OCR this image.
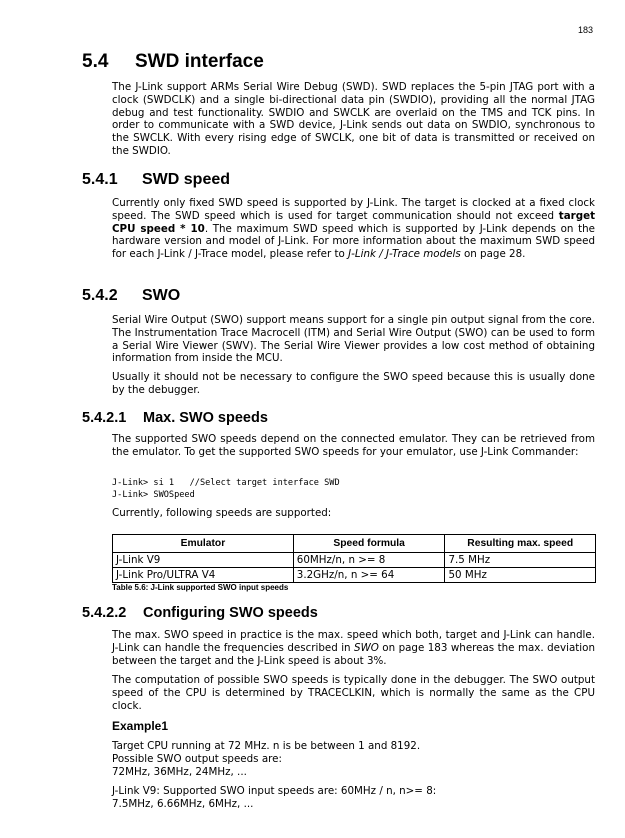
183
5.4 SWD interface

The J-Link support ARMs Serial Wire Debug (SWD). SWD replaces the 5-pin JTAG port with a clock (SWDCLK) and a single bi-directional data pin (SWDIO), providing all the normal JTAG debug and test functionality. SWDIO and SWCLK are overlaid on the TMS and TCK pins. In order to communicate with a SWD device, J-Link sends out data on SWDIO, synchronous to the SWCLK. With every rising edge of SWCLK, one bit of data is transmitted or received on the SWDIO.

5.4.1 SWD speed

Currently only fixed SWD speed is supported by J-Link. The target is clocked at a fixed clock speed. The SWD speed which is used for target communication should not exceed target CPU speed * 10. The maximum SWD speed which is supported by J-Link depends on the hardware version and model of J-Link. For more information about the maximum SWD speed for each J-Link / J-Trace model, please refer to J-Link / J-Trace models on page 28.

5.4.2 SWO

Serial Wire Output (SWO) support means support for a single pin output signal from the core. The Instrumentation Trace Macrocell (ITM) and Serial Wire Output (SWO) can be used to form a Serial Wire Viewer (SWV). The Serial Wire Viewer provides a low cost method of obtaining information from inside the MCU.

Usually it should not be necessary to configure the SWO speed because this is usually done by the debugger.

5.4.2.1 Max. SWO speeds

The supported SWO speeds depend on the connected emulator. They can be retrieved from the emulator. To get the supported SWO speeds for your emulator, use J-Link Commander:

J-Link> si 1   //Select target interface SWD
J-Link> SWOSpeed

Currently, following speeds are supported:

Emulator	Speed formula	Resulting max. speed
J-Link V9	60MHz/n, n >= 8	7.5 MHz
J-Link Pro/ULTRA V4	3.2GHz/n, n >= 64	50 MHz
Table 5.6: J-Link supported SWO input speeds
5.4.2.2 Configuring SWO speeds

The max. SWO speed in practice is the max. speed which both, target and J-Link can handle. J-Link can handle the frequencies described in SWO on page 183 whereas the max. deviation between the target and the J-Link speed is about 3%.

The computation of possible SWO speeds is typically done in the debugger. The SWO output speed of the CPU is determined by TRACECLKIN, which is normally the same as the CPU clock.

Example1

Target CPU running at 72 MHz. n is be between 1 and 8192.

Possible SWO output speeds are:

72MHz, 36MHz, 24MHz, ...

J-Link V9: Supported SWO input speeds are: 60MHz / n, n>= 8:

7.5MHz, 6.66MHz, 6MHz, ...
